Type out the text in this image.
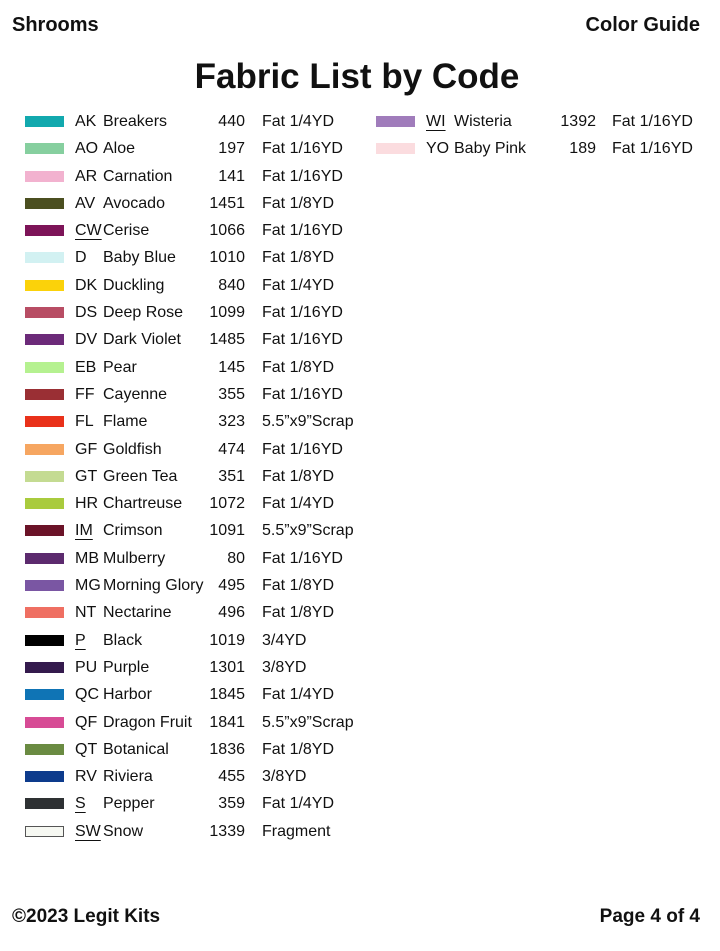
Shrooms	Color Guide
Fabric List by Code
AK Breakers	440 Fat 1/4YD
AO Aloe	197 Fat 1/16YD
AR Carnation	141 Fat 1/16YD
AV Avocado	1451 Fat 1/8YD
CW Cerise	1066 Fat 1/16YD
D Baby Blue	1010 Fat 1/8YD
DK Duckling	840 Fat 1/4YD
DS Deep Rose	1099 Fat 1/16YD
DV Dark Violet	1485 Fat 1/16YD
EB Pear	145 Fat 1/8YD
FF Cayenne	355 Fat 1/16YD
FL Flame	323 5.5”x9”Scrap
GF Goldfish	474 Fat 1/16YD
GT Green Tea	351 Fat 1/8YD
HR Chartreuse	1072 Fat 1/4YD
IM Crimson	1091 5.5”x9”Scrap
MB Mulberry	80 Fat 1/16YD
MG Morning Glory 495 Fat 1/8YD
NT Nectarine	496 Fat 1/8YD
P Black	1019 3/4YD
PU Purple	1301 3/8YD
QC Harbor	1845 Fat 1/4YD
QF Dragon Fruit	1841 5.5”x9”Scrap
QT Botanical	1836 Fat 1/8YD
RV Riviera	455 3/8YD
S Pepper	359 Fat 1/4YD
SW Snow	1339 Fragment
WI Wisteria	1392 Fat 1/16YD
YO Baby Pink	189 Fat 1/16YD
©2023 Legit Kits	Page 4 of 4
